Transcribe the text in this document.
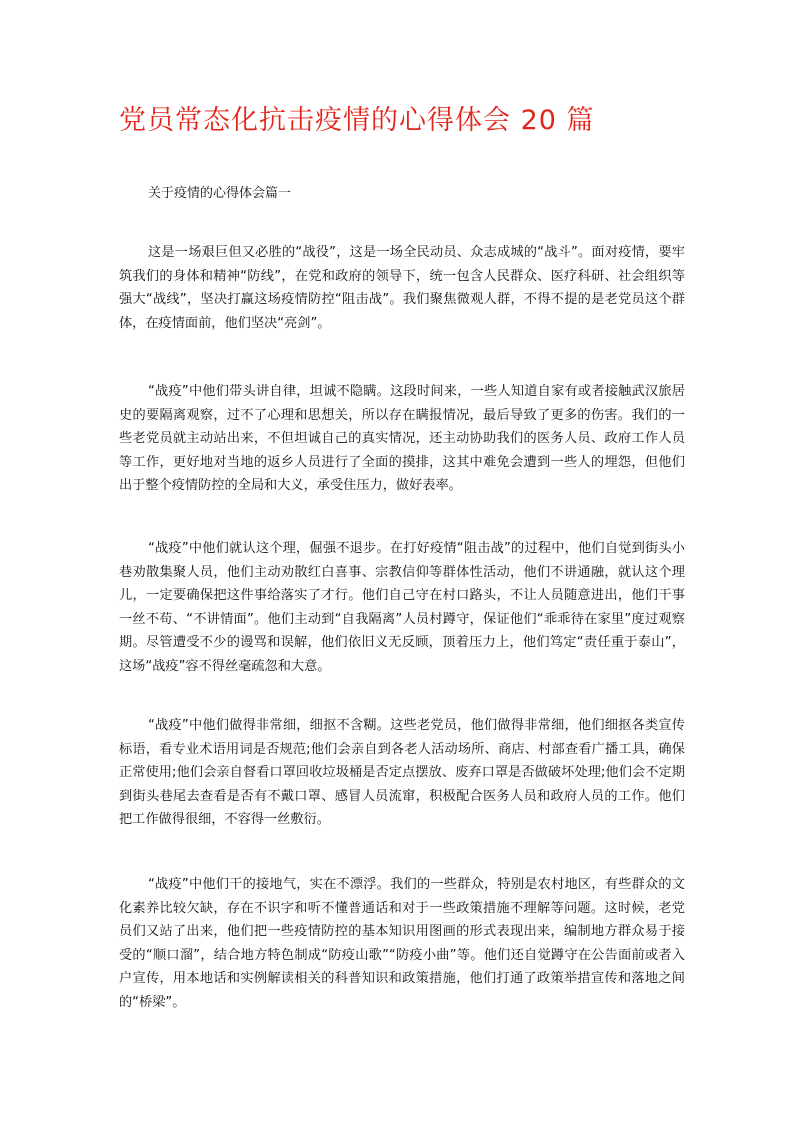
党员常态化抗击疫情的心得体会 20 篇

关于疫情的心得体会篇一

这是一场艰巨但又必胜的“战役”，这是一场全民动员、众志成城的“战斗”。面对疫情，要牢筑我们的身体和精神“防线”，在党和政府的领导下，统一包含人民群众、医疗科研、社会组织等强大“战线”，坚决打赢这场疫情防控“阻击战”。我们聚焦微观人群，不得不提的是老党员这个群体，在疫情面前，他们坚决“亮剑”。

“战疫”中他们带头讲自律，坦诚不隐瞒。这段时间来，一些人知道自家有或者接触武汉旅居史的要隔离观察，过不了心理和思想关，所以存在瞒报情况，最后导致了更多的伤害。我们的一些老党员就主动站出来，不但坦诚自己的真实情况，还主动协助我们的医务人员、政府工作人员等工作，更好地对当地的返乡人员进行了全面的摸排，这其中难免会遭到一些人的埋怨，但他们出于整个疫情防控的全局和大义，承受住压力，做好表率。

“战疫”中他们就认这个理，倔强不退步。在打好疫情“阻击战”的过程中，他们自觉到街头小巷劝散集聚人员，他们主动劝散红白喜事、宗教信仰等群体性活动，他们不讲通融，就认这个理儿，一定要确保把这件事给落实了才行。他们自己守在村口路头，不让人员随意进出，他们干事一丝不苟、“不讲情面”。他们主动到“自我隔离”人员村蹲守，保证他们“乖乖待在家里”度过观察期。尽管遭受不少的谩骂和误解，他们依旧义无反顾，顶着压力上，他们笃定“责任重于泰山”，这场“战疫”容不得丝毫疏忽和大意。

“战疫”中他们做得非常细，细抠不含糊。这些老党员，他们做得非常细，他们细抠各类宣传标语，看专业术语用词是否规范;他们会亲自到各老人活动场所、商店、村部查看广播工具，确保正常使用;他们会亲自督看口罩回收垃圾桶是否定点摆放、废弃口罩是否做破坏处理;他们会不定期到街头巷尾去查看是否有不戴口罩、感冒人员流窜，积极配合医务人员和政府人员的工作。他们把工作做得很细，不容得一丝敷衍。

“战疫”中他们干的接地气，实在不漂浮。我们的一些群众，特别是农村地区，有些群众的文化素养比较欠缺，存在不识字和听不懂普通话和对于一些政策措施不理解等问题。这时候，老党员们又站了出来，他们把一些疫情防控的基本知识用图画的形式表现出来，编制地方群众易于接受的“顺口溜”，结合地方特色制成“防疫山歌”“防疫小曲”等。他们还自觉蹲守在公告面前或者入户宣传，用本地话和实例解读相关的科普知识和政策措施，他们打通了政策举措宣传和落地之间的“桥梁”。
